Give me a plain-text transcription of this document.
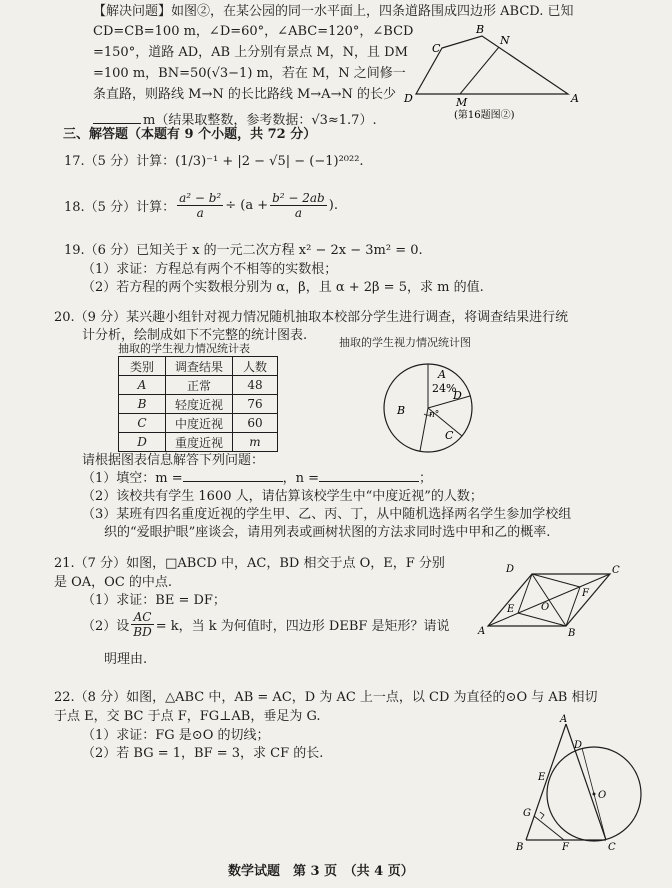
【解决问题】如图②，在某公园的同一水平面上，四条道路围成四边形 ABCD. 已知
CD=CB=100 m，∠D=60°，∠ABC=120°，∠BCD
=150°，道路 AD，AB 上分别有景点 M，N，且 DM
=100 m，BN=50(√3−1) m，若在 M，N 之间修一
条直路，则路线 M→N 的长比路线 M→A→N 的长少
m（结果取整数，参考数据：√3≈1.7）.
C
B
N
D	M	A
(第16题图②)
三、解答题（本题有 9 个小题，共 72 分）
17.（5 分）计算：(1/3)⁻¹ + |2 − √5| − (−1)²⁰²².
18.（5 分）计算： $\frac{\text{a² − b²}}{a} \div (a + \frac{\text{b² − 2ab}}{a}$ ).
19.（6 分）已知关于 x 的一元二次方程 x² − 2x − 3m² = 0.
（1）求证：方程总有两个不相等的实数根；
（2）若方程的两个实数根分别为 α，β，且 α + 2β = 5，求 m 的值.
20.（9 分）某兴趣小组针对视力情况随机抽取本校部分学生进行调查，将调查结果进行统
计分析，绘制成如下不完整的统计图表.
抽取的学生视力情况统计表	抽取的学生视力情况统计图
类别	调查结果	人数
A	正常	48
B	轻度近视	76
C	中度近视	60
D	重度近视	m
A
24%
B
D
n°
C
请根据图表信息解答下列问题：
（1）填空：m =	，n =	；
（2）该校共有学生 1600 人，请估算该校学生中“中度近视”的人数；
（3）某班有四名重度近视的学生甲、乙、丙、丁，从中随机选择两名学生参加学校组
织的“爱眼护眼”座谈会，请用列表或画树状图的方法求同时选中甲和乙的概率.
21.（7 分）如图，□ABCD 中，AC，BD 相交于点 O，E，F 分别
是 OA，OC 的中点.
（1）求证：BE = DF；
（2）设 $\frac{AC}{BD} = k$，当 k 为何值时，四边形 DEBF 是矩形？请说
明理由.
D	C
F
E	O
A	B
22.（8 分）如图，△ABC 中，AB = AC，D 为 AC 上一点，以 CD 为直径的⊙O 与 AB 相切
于点 E，交 BC 于点 F，FG⊥AB，垂足为 G.
（1）求证：FG 是⊙O 的切线；
（2）若 BG = 1，BF = 3，求 CF 的长.
A
D
E
O
G
B	F	C
数学试题　第 3 页　（共 4 页）
